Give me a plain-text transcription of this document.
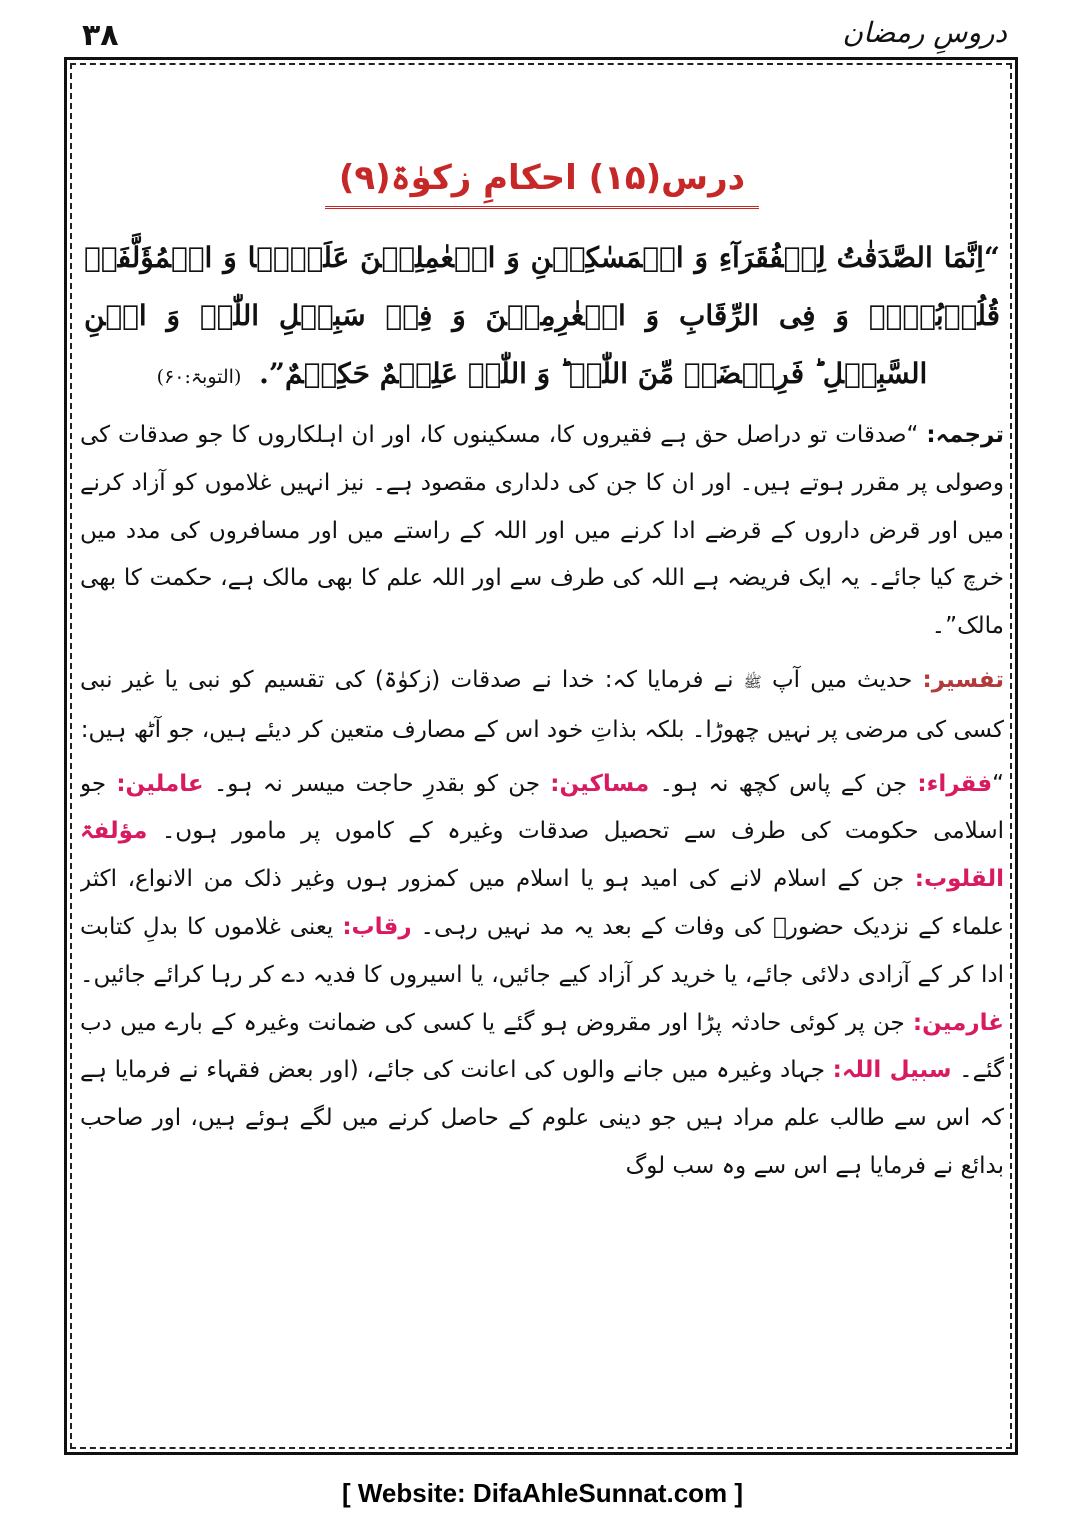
۳۸	دروسِ رمضان
درس(۱۵) احکامِ زکوٰۃ(۹)
“اِنَّمَا الصَّدَقٰتُ لِلۡفُقَرَآءِ وَ الۡمَسٰکِیۡنِ وَ الۡعٰمِلِیۡنَ عَلَیۡہَا وَ الۡمُؤَلَّفَۃِ قُلُوۡبُہُمۡ وَ فِی الرِّقَابِ وَ الۡغٰرِمِیۡنَ وَ فِیۡ سَبِیۡلِ اللّٰہِ وَ ابۡنِ السَّبِیۡلِ ؕ فَرِیۡضَۃً مِّنَ اللّٰہِ ؕ وَ اللّٰہُ عَلِیۡمٌ حَکِیۡمٌ”. (التوبۃ:۶۰)

ترجمہ: “صدقات تو دراصل حق ہے فقیروں کا، مسکینوں کا، اور ان اہلکاروں کا جو صدقات کی وصولی پر مقرر ہوتے ہیں۔ اور ان کا جن کی دلداری مقصود ہے۔ نیز انہیں غلاموں کو آزاد کرنے میں اور قرض داروں کے قرضے ادا کرنے میں اور اللہ کے راستے میں اور مسافروں کی مدد میں خرچ کیا جائے۔ یہ ایک فریضہ ہے اللہ کی طرف سے اور اللہ علم کا بھی مالک ہے، حکمت کا بھی مالک”۔

تفسیر: حدیث میں آپ ﷺ نے فرمایا کہ: خدا نے صدقات (زکوٰۃ) کی تقسیم کو نبی یا غیر نبی کسی کی مرضی پر نہیں چھوڑا۔ بلکہ بذاتِ خود اس کے مصارف متعین کر دیئے ہیں، جو آٹھ ہیں:

“فقراء: جن کے پاس کچھ نہ ہو۔ مساکین: جن کو بقدرِ حاجت میسر نہ ہو۔ عاملین: جو اسلامی حکومت کی طرف سے تحصیل صدقات وغیرہ کے کاموں پر مامور ہوں۔ مؤلفۃ القلوب: جن کے اسلام لانے کی امید ہو یا اسلام میں کمزور ہوں وغیر ذلک من الانواع، اکثر علماء کے نزدیک حضورؐ کی وفات کے بعد یہ مد نہیں رہی۔ رقاب: یعنی غلاموں کا بدلِ کتابت ادا کر کے آزادی دلائی جائے، یا خرید کر آزاد کیے جائیں، یا اسیروں کا فدیہ دے کر رہا کرائے جائیں۔ غارمین: جن پر کوئی حادثہ پڑا اور مقروض ہو گئے یا کسی کی ضمانت وغیرہ کے بارے میں دب گئے۔ سبیل اللہ: جہاد وغیرہ میں جانے والوں کی اعانت کی جائے، (اور بعض فقہاء نے فرمایا ہے کہ اس سے طالب علم مراد ہیں جو دینی علوم کے حاصل کرنے میں لگے ہوئے ہیں، اور صاحب بدائع نے فرمایا ہے اس سے وہ سب لوگ

[ Website: DifaAhleSunnat.com ]
